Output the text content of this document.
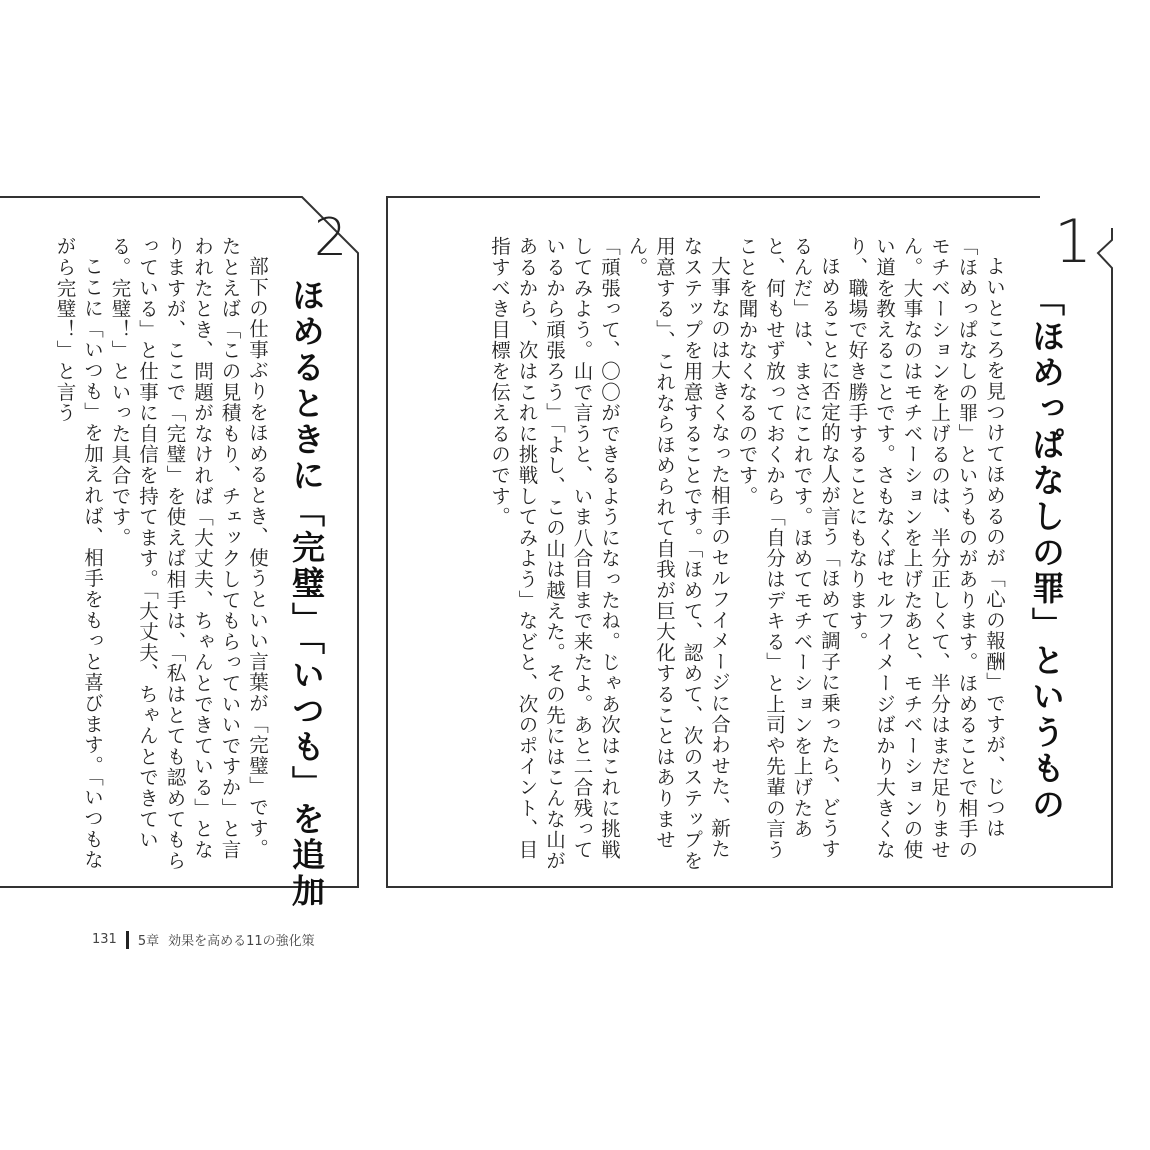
1
「ほめっぱなしの罪」というもの

よいところを見つけてほめるのが「心の報酬」ですが、じつは「ほめっぱなしの罪」というものがあります。ほめることで相手のモチベーションを上げるのは、半分正しくて、半分はまだ足りません。大事なのはモチベーションを上げたあと、モチベーションの使い道を教えることです。さもなくばセルフイメージばかり大きくなり、職場で好き勝手することにもなります。

ほめることに否定的な人が言う「ほめて調子に乗ったら、どうするんだ」は、まさにこれです。ほめてモチベーションを上げたあと、何もせず放っておくから「自分はデキる」と上司や先輩の言うことを聞かなくなるのです。

大事なのは大きくなった相手のセルフイメージに合わせた、新たなステップを用意することです。「ほめて、認めて、次のステップを用意する」、これならほめられて自我が巨大化することはありません。

「頑張って、〇〇ができるようになったね。じゃあ次はこれに挑戦してみよう。山で言うと、いま八合目まで来たよ。あと二合残っているから頑張ろう」「よし、この山は越えた。その先にはこんな山があるから、次はこれに挑戦してみよう」などと、次のポイント、目指すべき目標を伝えるのです。

2
ほめるときに「完璧」「いつも」を追加

部下の仕事ぶりをほめるとき、使うといい言葉が「完璧」です。たとえば「この見積もり、チェックしてもらっていいですか」と言われたとき、問題がなければ「大丈夫、ちゃんとできている」となりますが、ここで「完璧」を使えば相手は、「私はとても認めてもらっている」と仕事に自信を持てます。「大丈夫、ちゃんとできている。完璧！」といった具合です。

ここに「いつも」を加えれば、相手をもっと喜びます。「いつもながら完璧！」と言う

131 5章 効果を高める11の強化策
